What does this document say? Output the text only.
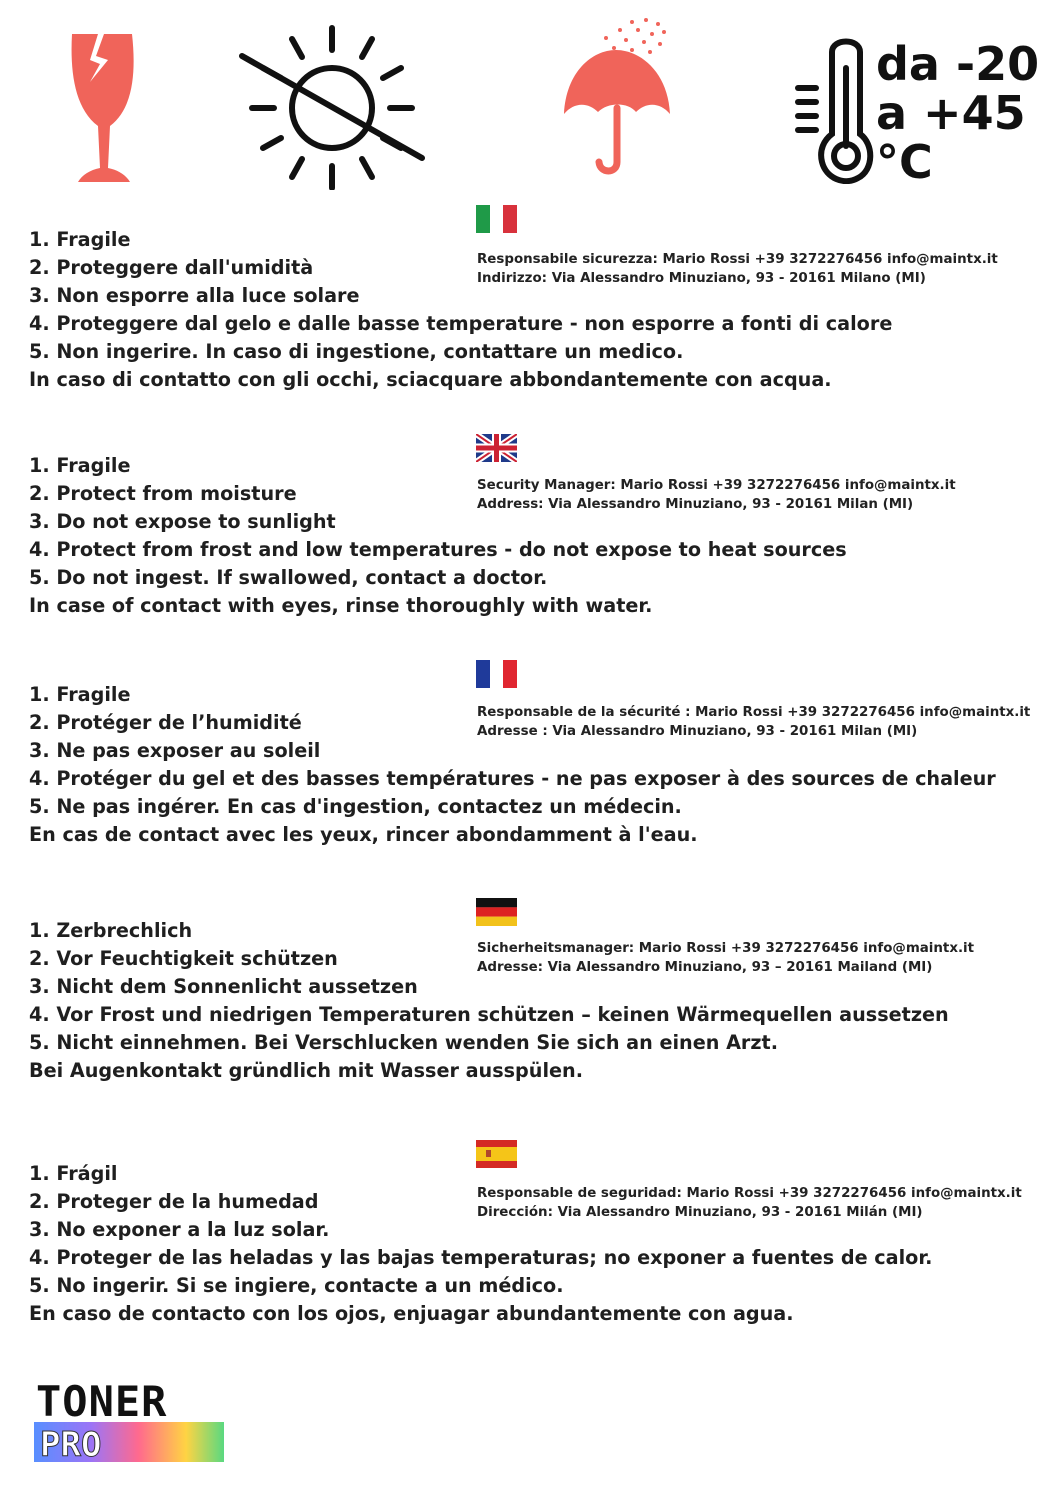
da -20
a +45
°C
Responsabile sicurezza: Mario Rossi +39 3272276456 info@maintx.it
Indirizzo: Via Alessandro Minuziano, 93 - 20161 Milano (MI)
1. Fragile
2. Proteggere dall'umidità
3. Non esporre alla luce solare
4. Proteggere dal gelo e dalle basse temperature - non esporre a fonti di calore
5. Non ingerire. In caso di ingestione, contattare un medico.
In caso di contatto con gli occhi, sciacquare abbondantemente con acqua.
Security Manager: Mario Rossi +39 3272276456 info@maintx.it
Address: Via Alessandro Minuziano, 93 - 20161 Milan (MI)
1. Fragile
2. Protect from moisture
3. Do not expose to sunlight
4. Protect from frost and low temperatures - do not expose to heat sources
5. Do not ingest. If swallowed, contact a doctor.
In case of contact with eyes, rinse thoroughly with water.
Responsable de la sécurité : Mario Rossi +39 3272276456 info@maintx.it
Adresse : Via Alessandro Minuziano, 93 - 20161 Milan (MI)
1. Fragile
2. Protéger de l’humidité
3. Ne pas exposer au soleil
4. Protéger du gel et des basses températures - ne pas exposer à des sources de chaleur
5. Ne pas ingérer. En cas d'ingestion, contactez un médecin.
En cas de contact avec les yeux, rincer abondamment à l'eau.
Sicherheitsmanager: Mario Rossi +39 3272276456 info@maintx.it
Adresse: Via Alessandro Minuziano, 93 – 20161 Mailand (MI)
1. Zerbrechlich
2. Vor Feuchtigkeit schützen
3. Nicht dem Sonnenlicht aussetzen
4. Vor Frost und niedrigen Temperaturen schützen – keinen Wärmequellen aussetzen
5. Nicht einnehmen. Bei Verschlucken wenden Sie sich an einen Arzt.
Bei Augenkontakt gründlich mit Wasser ausspülen.
Responsable de seguridad: Mario Rossi +39 3272276456 info@maintx.it
Dirección: Via Alessandro Minuziano, 93 - 20161 Milán (MI)
1. Frágil
2. Proteger de la humedad
3. No exponer a la luz solar.
4. Proteger de las heladas y las bajas temperaturas; no exponer a fuentes de calor.
5. No ingerir. Si se ingiere, contacte a un médico.
En caso de contacto con los ojos, enjuagar abundantemente con agua.
TONER
PRO
